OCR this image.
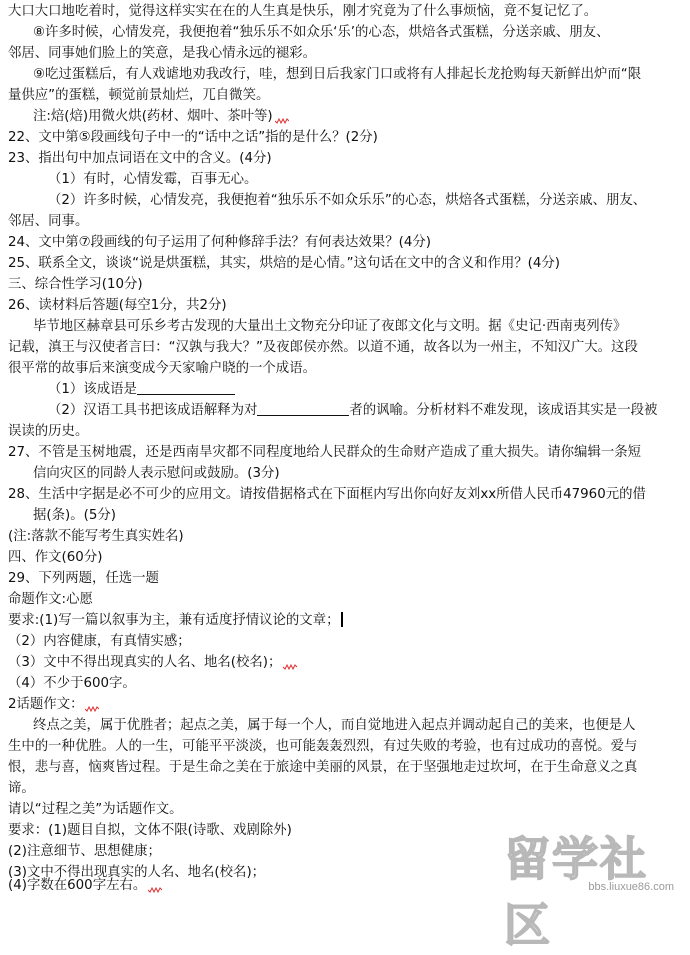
大口大口地吃着时，觉得这样实实在在的人生真是快乐，刚才究竟为了什么事烦恼，竟不复记忆了。
⑧许多时候，心情发亮，我便抱着“独乐乐不如众乐‘乐’的心态，烘焙各式蛋糕，分送亲戚、朋友、
邻居、同事她们脸上的笑意，是我心情永远的褪彩。
⑨吃过蛋糕后，有人戏谑地劝我改行，哇，想到日后我家门口或将有人排起长龙抢购每天新鲜出炉而“限
量供应”的蛋糕，顿觉前景灿烂，兀自微笑。
注:焙(焙)用微火烘(药材、烟叶、茶叶等)
22、文中第⑤段画线句子中一的“话中之话”指的是什么？(2分)
23、指出句中加点词语在文中的含义。(4分)
（1）有时，心情发霉，百事无心。
（2）许多时候，心情发亮，我便抱着“独乐乐不如众乐乐”的心态，烘焙各式蛋糕，分送亲戚、朋友、
邻居、同事。
24、文中第⑦段画线的句子运用了何种修辞手法？有何表达效果？(4分)
25、联系全文，谈谈“说是烘蛋糕，其实，烘焙的是心情。”这句话在文中的含义和作用？(4分)
三、综合性学习(10分)
26、读材料后答题(每空1分，共2分)
毕节地区赫章县可乐乡考古发现的大量出土文物充分印证了夜郎文化与文明。据《史记·西南夷列传》
记载，滇王与汉使者言曰：“汉孰与我大？”及夜郎侯亦然。以道不通，故各以为一州主，不知汉广大。这段
很平常的故事后来演变成今天家喻户晓的一个成语。
（1）该成语是
（2）汉语工具书把该成语解释为对	者的讽喻。分析材料不难发现，该成语其实是一段被
误读的历史。
27、不管是玉树地震，还是西南旱灾都不同程度地给人民群众的生命财产造成了重大损失。请你编辑一条短
信向灾区的同龄人表示慰问或鼓励。(3分)
28、生活中字据是必不可少的应用文。请按借据格式在下面框内写出你向好友刘xx所借人民币47960元的借
据(条)。(5分)
(注:落款不能写考生真实姓名)
四、作文(60分)
29、下列两题，任选一题
命题作文:心愿
要求:(1)写一篇以叙事为主，兼有适度抒情议论的文章；
（2）内容健康，有真情实感；
（3）文中不得出现真实的人名、地名(校名)；
（4）不少于600字。
2话题作文：
终点之美，属于优胜者；起点之美，属于每一个人，而自觉地进入起点并调动起自己的美来，也便是人
生中的一种优胜。人的一生，可能平平淡淡，也可能轰轰烈烈，有过失败的考验，也有过成功的喜悦。爱与
恨，悲与喜，恼爽皆过程。于是生命之美在于旅途中美丽的风景，在于坚强地走过坎坷，在于生命意义之真
谛。
请以“过程之美”为话题作文。
要求：(1)题目自拟，文体不限(诗歌、戏剧除外)
(2)注意细节、思想健康；
(3)文中不得出现真实的人名、地名(校名)；
(4)字数在600字左右。	留学社区
bbs.liuxue86.com
